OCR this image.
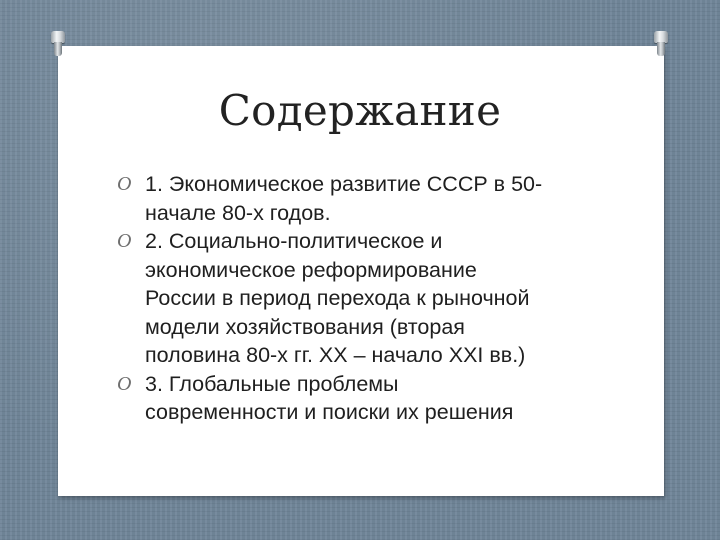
Содержание
O 1. Экономическое развитие СССР в 50-
начале 80-х годов.
O 2. Социально-политическое и
экономическое реформирование
России в период перехода к рыночной
модели хозяйствования (вторая
половина 80-х гг. XX – начало XXI вв.)
O 3. Глобальные проблемы
современности и поиски их решения
